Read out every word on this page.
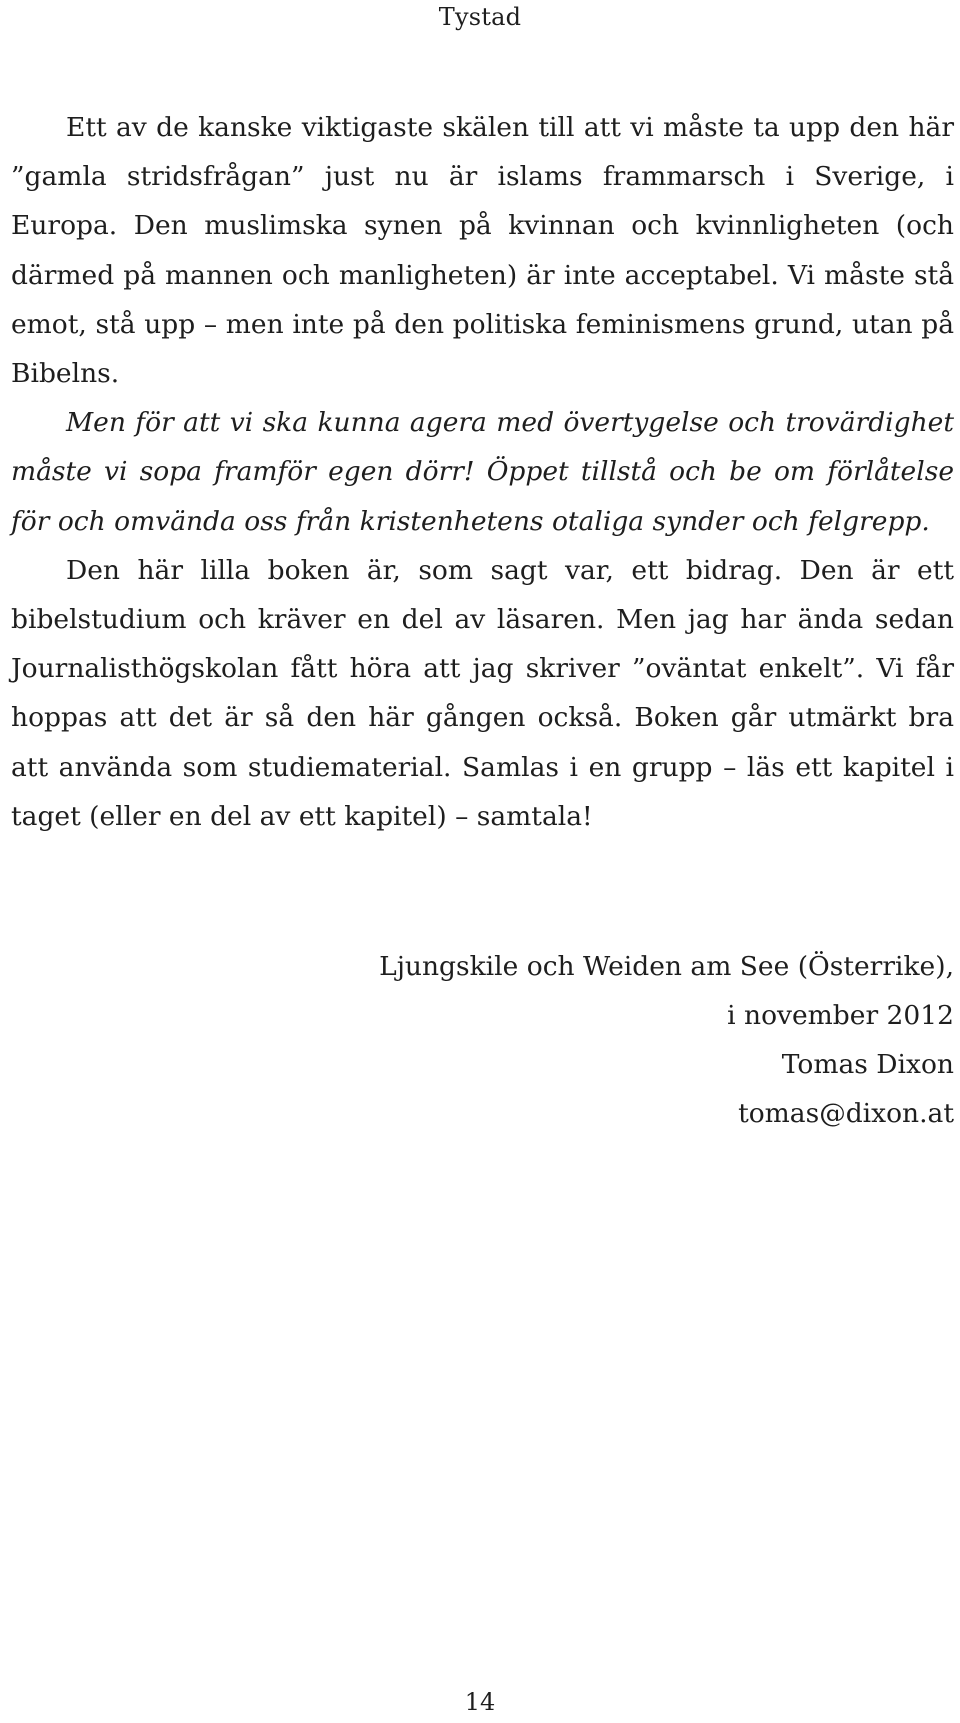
Tystad

Ett av de kanske viktigaste skälen till att vi måste ta upp den här ”gamla stridsfrågan” just nu är islams frammarsch i Sverige, i Europa. Den muslimska synen på kvinnan och kvinnligheten (och därmed på mannen och manligheten) är inte acceptabel. Vi måste stå emot, stå upp – men inte på den politiska feminismens grund, utan på Bibelns.

Men för att vi ska kunna agera med övertygelse och trovärdighet måste vi sopa framför egen dörr! Öppet tillstå och be om förlåtelse för och omvända oss från kristenhetens otaliga synder och felgrepp.

Den här lilla boken är, som sagt var, ett bidrag. Den är ett bibelstudium och kräver en del av läsaren. Men jag har ända sedan Journalisthögskolan fått höra att jag skriver ”oväntat enkelt”. Vi får hoppas att det är så den här gången också. Boken går utmärkt bra att använda som studiematerial. Samlas i en grupp – läs ett kapitel i taget (eller en del av ett kapitel) – samtala!

Ljungskile och Weiden am See (Österrike),
i november 2012
Tomas Dixon
tomas@dixon.at
14
